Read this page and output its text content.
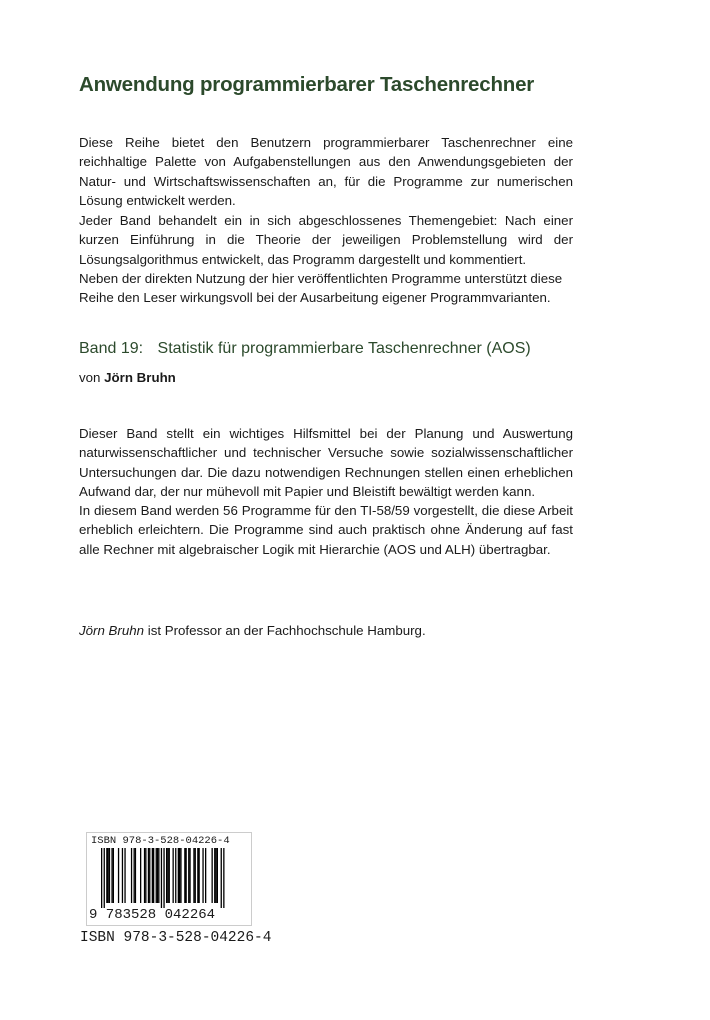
Anwendung programmierbarer Taschenrechner

Diese Reihe bietet den Benutzern programmierbarer Taschenrechner eine reichhaltige Palette von Aufgabenstellungen aus den Anwendungsgebieten der Natur- und Wirtschaftswissenschaften an, für die Programme zur numerischen Lösung entwickelt werden.

Jeder Band behandelt ein in sich abgeschlossenes Themengebiet: Nach einer kurzen Einführung in die Theorie der jeweiligen Problemstellung wird der Lösungsalgorithmus entwickelt, das Programm dargestellt und kommentiert.

Neben der direkten Nutzung der hier veröffentlichten Programme unterstützt diese Reihe den Leser wirkungsvoll bei der Ausarbeitung eigener Programmvarianten.

Band 19: Statistik für programmierbare Taschenrechner (AOS)
von Jörn Bruhn

Dieser Band stellt ein wichtiges Hilfsmittel bei der Planung und Auswertung naturwissenschaftlicher und technischer Versuche sowie sozialwissenschaftlicher Untersuchungen dar. Die dazu notwendigen Rechnungen stellen einen erheblichen Aufwand dar, der nur mühevoll mit Papier und Bleistift bewältigt werden kann.

In diesem Band werden 56 Programme für den TI-58/59 vorgestellt, die diese Arbeit erheblich erleichtern. Die Programme sind auch praktisch ohne Änderung auf fast alle Rechner mit algebraischer Logik mit Hierarchie (AOS und ALH) übertragbar.

Jörn Bruhn ist Professor an der Fachhochschule Hamburg.
ISBN 978-3-528-04226-4
9 783528 042264
ISBN 978-3-528-04226-4
